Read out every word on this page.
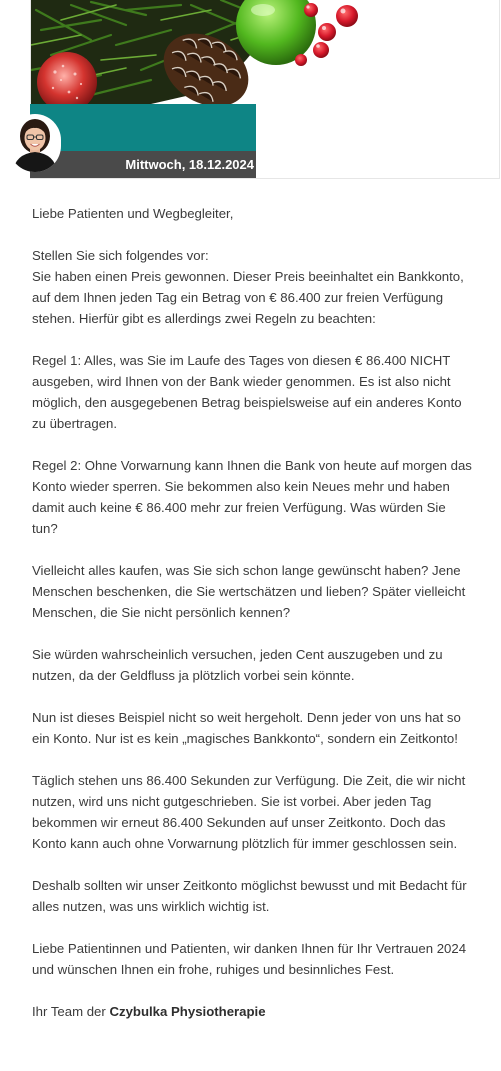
Mittwoch, 18.12.2024

Liebe Patienten und Wegbegleiter,

Stellen Sie sich folgendes vor:
Sie haben einen Preis gewonnen. Dieser Preis beeinhaltet ein Bankkonto,
auf dem Ihnen jeden Tag ein Betrag von € 86.400 zur freien Verfügung
stehen. Hierfür gibt es allerdings zwei Regeln zu beachten:

Regel 1: Alles, was Sie im Laufe des Tages von diesen € 86.400 NICHT
ausgeben, wird Ihnen von der Bank wieder genommen. Es ist also nicht
möglich, den ausgegebenen Betrag beispielsweise auf ein anderes Konto
zu übertragen.

Regel 2: Ohne Vorwarnung kann Ihnen die Bank von heute auf morgen das
Konto wieder sperren. Sie bekommen also kein Neues mehr und haben
damit auch keine € 86.400 mehr zur freien Verfügung. Was würden Sie
tun?

Vielleicht alles kaufen, was Sie sich schon lange gewünscht haben? Jene
Menschen beschenken, die Sie wertschätzen und lieben? Später vielleicht
Menschen, die Sie nicht persönlich kennen?

Sie würden wahrscheinlich versuchen, jeden Cent auszugeben und zu
nutzen, da der Geldfluss ja plötzlich vorbei sein könnte.

Nun ist dieses Beispiel nicht so weit hergeholt. Denn jeder von uns hat so
ein Konto. Nur ist es kein „magisches Bankkonto“, sondern ein Zeitkonto!

Täglich stehen uns 86.400 Sekunden zur Verfügung. Die Zeit, die wir nicht
nutzen, wird uns nicht gutgeschrieben. Sie ist vorbei. Aber jeden Tag
bekommen wir erneut 86.400 Sekunden auf unser Zeitkonto. Doch das
Konto kann auch ohne Vorwarnung plötzlich für immer geschlossen sein.

Deshalb sollten wir unser Zeitkonto möglichst bewusst und mit Bedacht für
alles nutzen, was uns wirklich wichtig ist.

Liebe Patientinnen und Patienten, wir danken Ihnen für Ihr Vertrauen 2024
und wünschen Ihnen ein frohe, ruhiges und besinnliches Fest.

Ihr Team der Czybulka Physiotherapie
